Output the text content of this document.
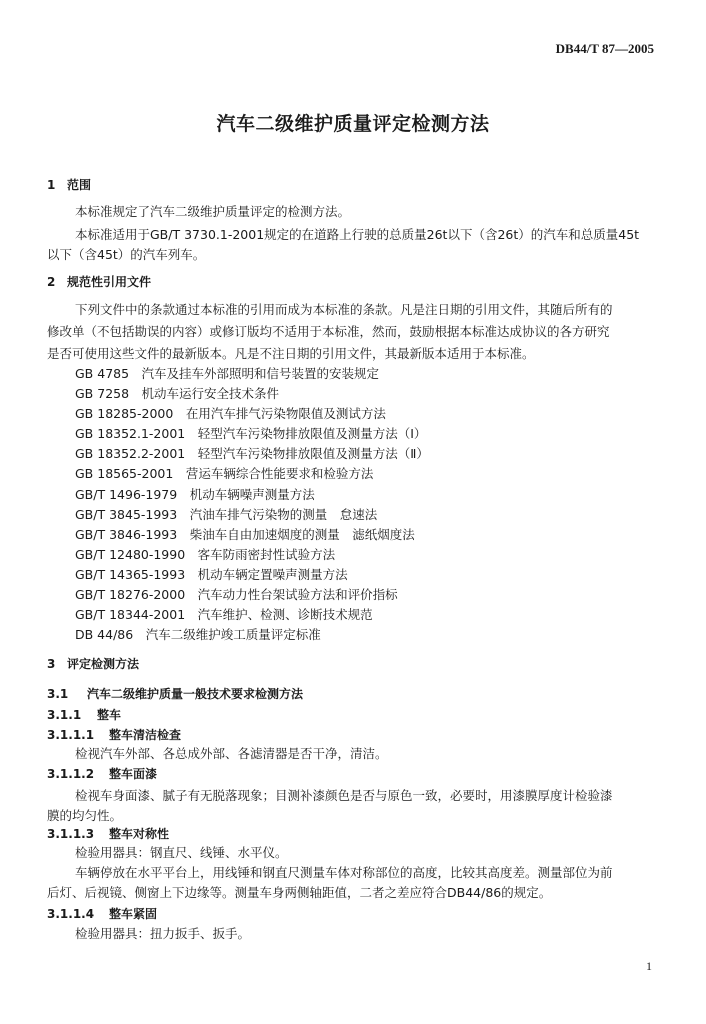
DB44/T 87—2005
汽车二级维护质量评定检测方法
1 范围
本标准规定了汽车二级维护质量评定的检测方法。
本标准适用于GB/T 3730.1-2001规定的在道路上行驶的总质量26t以下（含26t）的汽车和总质量45t
以下（含45t）的汽车列车。
2 规范性引用文件
下列文件中的条款通过本标准的引用而成为本标准的条款。凡是注日期的引用文件，其随后所有的
修改单（不包括勘误的内容）或修订版均不适用于本标准，然而，鼓励根据本标准达成协议的各方研究
是否可使用这些文件的最新版本。凡是不注日期的引用文件，其最新版本适用于本标准。
GB 4785　汽车及挂车外部照明和信号装置的安装规定
GB 7258　机动车运行安全技术条件
GB 18285-2000　在用汽车排气污染物限值及测试方法
GB 18352.1-2001　轻型汽车污染物排放限值及测量方法（Ⅰ）
GB 18352.2-2001　轻型汽车污染物排放限值及测量方法（Ⅱ）
GB 18565-2001　营运车辆综合性能要求和检验方法
GB/T 1496-1979　机动车辆噪声测量方法
GB/T 3845-1993　汽油车排气污染物的测量　怠速法
GB/T 3846-1993　柴油车自由加速烟度的测量　滤纸烟度法
GB/T 12480-1990　客车防雨密封性试验方法
GB/T 14365-1993　机动车辆定置噪声测量方法
GB/T 18276-2000　汽车动力性台架试验方法和评价指标
GB/T 18344-2001　汽车维护、检测、诊断技术规范
DB 44/86　汽车二级维护竣工质量评定标准
3 评定检测方法
3.1 汽车二级维护质量一般技术要求检测方法
3.1.1 整车
3.1.1.1 整车清洁检查
检视汽车外部、各总成外部、各滤清器是否干净，清洁。
3.1.1.2 整车面漆
检视车身面漆、腻子有无脱落现象；目测补漆颜色是否与原色一致，必要时，用漆膜厚度计检验漆
膜的均匀性。
3.1.1.3 整车对称性
检验用器具：钢直尺、线锤、水平仪。
车辆停放在水平平台上，用线锤和钢直尺测量车体对称部位的高度，比较其高度差。测量部位为前
后灯、后视镜、侧窗上下边缘等。测量车身两侧轴距值，二者之差应符合DB44/86的规定。
3.1.1.4 整车紧固
检验用器具：扭力扳手、扳手。
1
